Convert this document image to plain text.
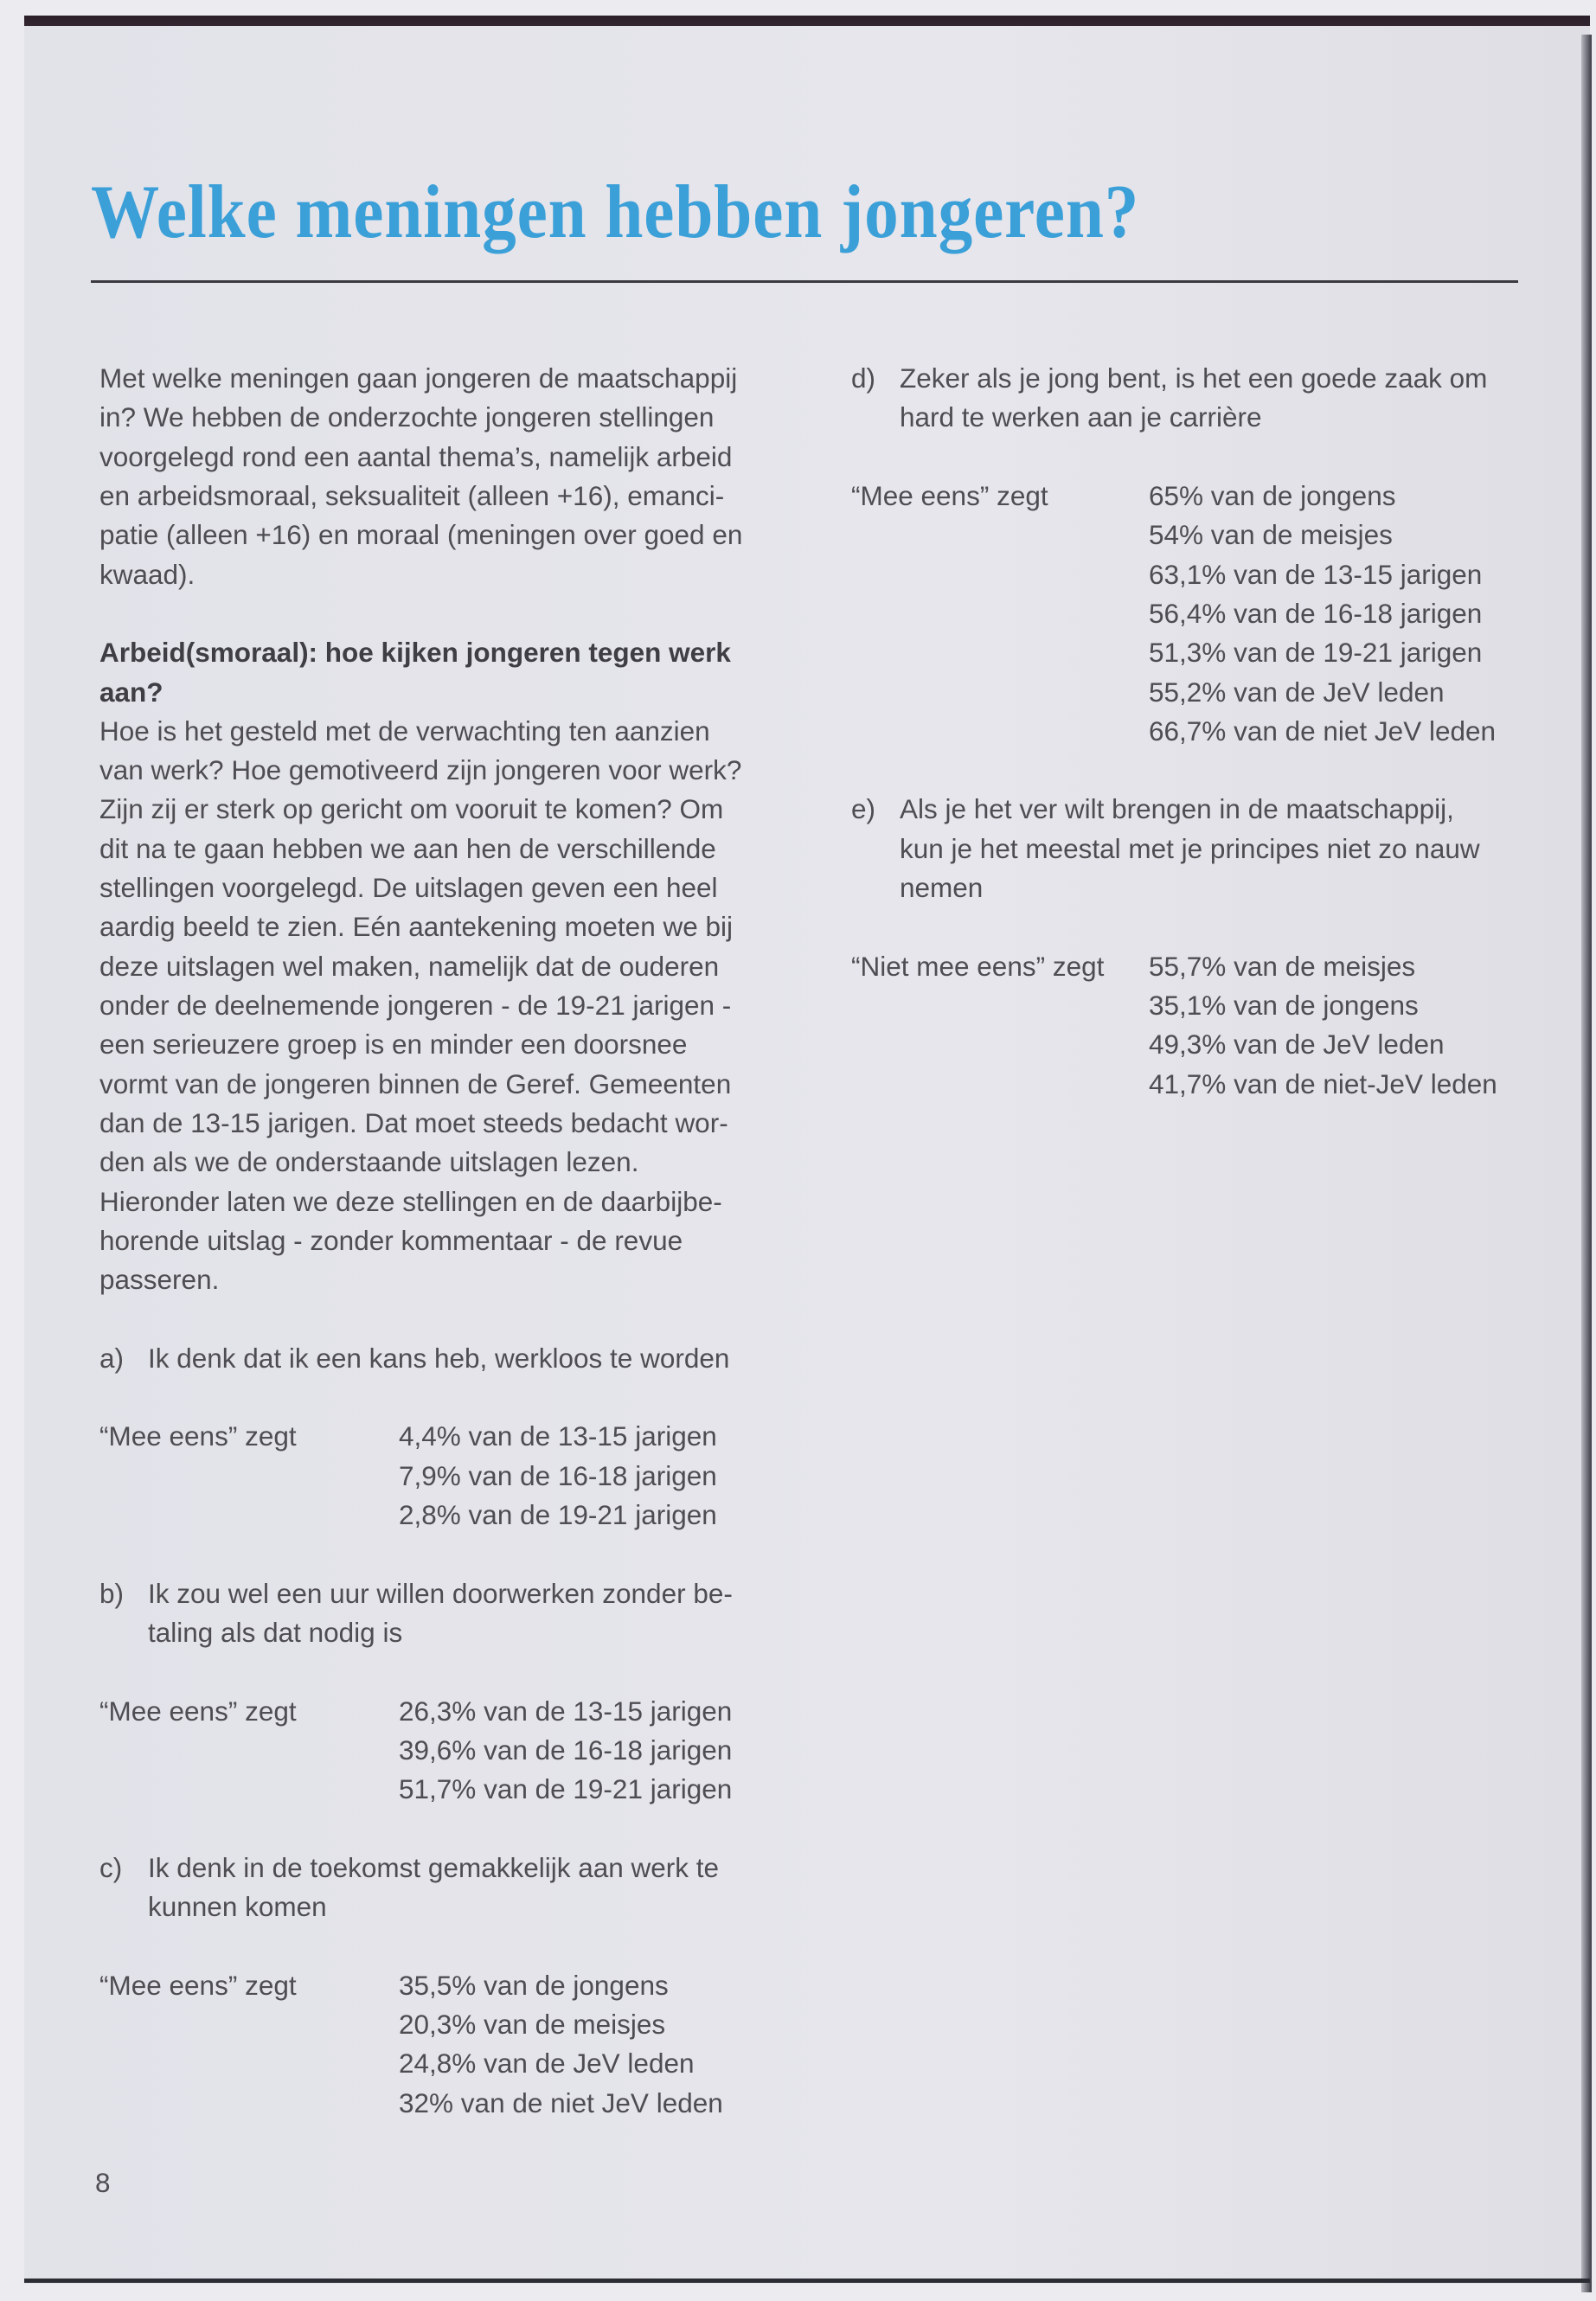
Welke meningen hebben jongeren?
Met welke meningen gaan jongeren de maatschappij
in? We hebben de onderzochte jongeren stellingen
voorgelegd rond een aantal thema’s, namelijk arbeid
en arbeidsmoraal, seksualiteit (alleen +16), emanci-
patie (alleen +16) en moraal (meningen over goed en
kwaad).
Arbeid(smoraal): hoe kijken jongeren tegen werk
aan?
Hoe is het gesteld met de verwachting ten aanzien
van werk? Hoe gemotiveerd zijn jongeren voor werk?
Zijn zij er sterk op gericht om vooruit te komen? Om
dit na te gaan hebben we aan hen de verschillende
stellingen voorgelegd. De uitslagen geven een heel
aardig beeld te zien. Eén aantekening moeten we bij
deze uitslagen wel maken, namelijk dat de ouderen
onder de deelnemende jongeren - de 19-21 jarigen -
een serieuzere groep is en minder een doorsnee
vormt van de jongeren binnen de Geref. Gemeenten
dan de 13-15 jarigen. Dat moet steeds bedacht wor-
den als we de onderstaande uitslagen lezen.
Hieronder laten we deze stellingen en de daarbijbe-
horende uitslag - zonder kommentaar - de revue
passeren.
a) Ik denk dat ik een kans heb, werkloos te worden
“Mee eens” zegt	4,4% van de 13-15 jarigen
7,9% van de 16-18 jarigen
2,8% van de 19-21 jarigen
b) Ik zou wel een uur willen doorwerken zonder be-
taling als dat nodig is
“Mee eens” zegt	26,3% van de 13-15 jarigen
39,6% van de 16-18 jarigen
51,7% van de 19-21 jarigen
c) Ik denk in de toekomst gemakkelijk aan werk te
kunnen komen
“Mee eens” zegt	35,5% van de jongens
20,3% van de meisjes
24,8% van de JeV leden
32% van de niet JeV leden
d) Zeker als je jong bent, is het een goede zaak om
hard te werken aan je carrière
“Mee eens” zegt	65% van de jongens
54% van de meisjes
63,1% van de 13-15 jarigen
56,4% van de 16-18 jarigen
51,3% van de 19-21 jarigen
55,2% van de JeV leden
66,7% van de niet JeV leden
e) Als je het ver wilt brengen in de maatschappij,
kun je het meestal met je principes niet zo nauw
nemen
“Niet mee eens” zegt 55,7% van de meisjes
35,1% van de jongens
49,3% van de JeV leden
41,7% van de niet-JeV leden
8
